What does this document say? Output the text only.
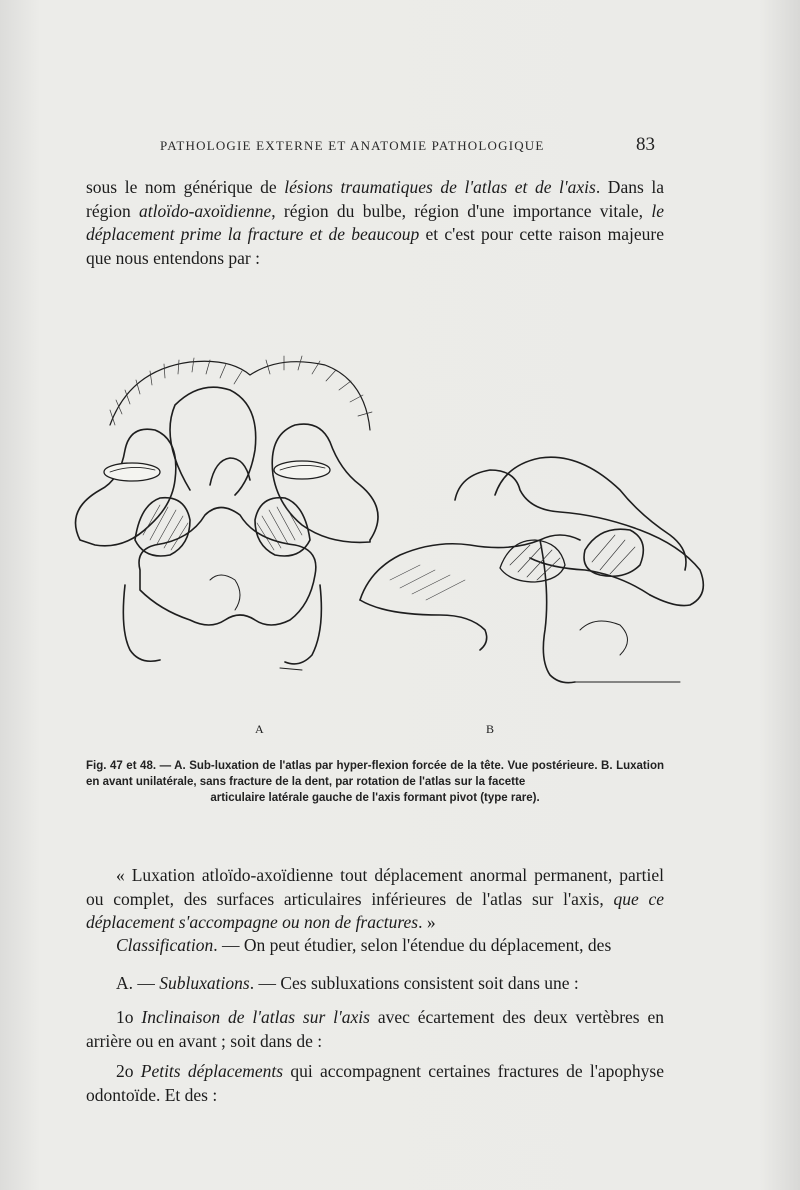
PATHOLOGIE EXTERNE ET ANATOMIE PATHOLOGIQUE	83

sous le nom générique de lésions traumatiques de l'atlas et de l'axis. Dans la région atloïdo-axoïdienne, région du bulbe, région d'une importance vitale, le déplacement prime la fracture et de beaucoup et c'est pour cette raison majeure que nous entendons par :

A	B
Fig. 47 et 48. — A. Sub-luxation de l'atlas par hyper-flexion forcée de la tête. Vue postérieure. B. Luxation en avant unilatérale, sans fracture de la dent, par rotation de l'atlas sur la facette
articulaire latérale gauche de l'axis formant pivot (type rare).

« Luxation atloïdo-axoïdienne tout déplacement anormal permanent, partiel ou complet, des surfaces articulaires inférieures de l'atlas sur l'axis, que ce déplacement s'accompagne ou non de fractures. »

Classification. — On peut étudier, selon l'étendue du déplacement, des

A. — Subluxations. — Ces subluxations consistent soit dans une :

1o Inclinaison de l'atlas sur l'axis avec écartement des deux vertèbres en arrière ou en avant ; soit dans de :

2o Petits déplacements qui accompagnent certaines fractures de l'apophyse odontoïde. Et des :
